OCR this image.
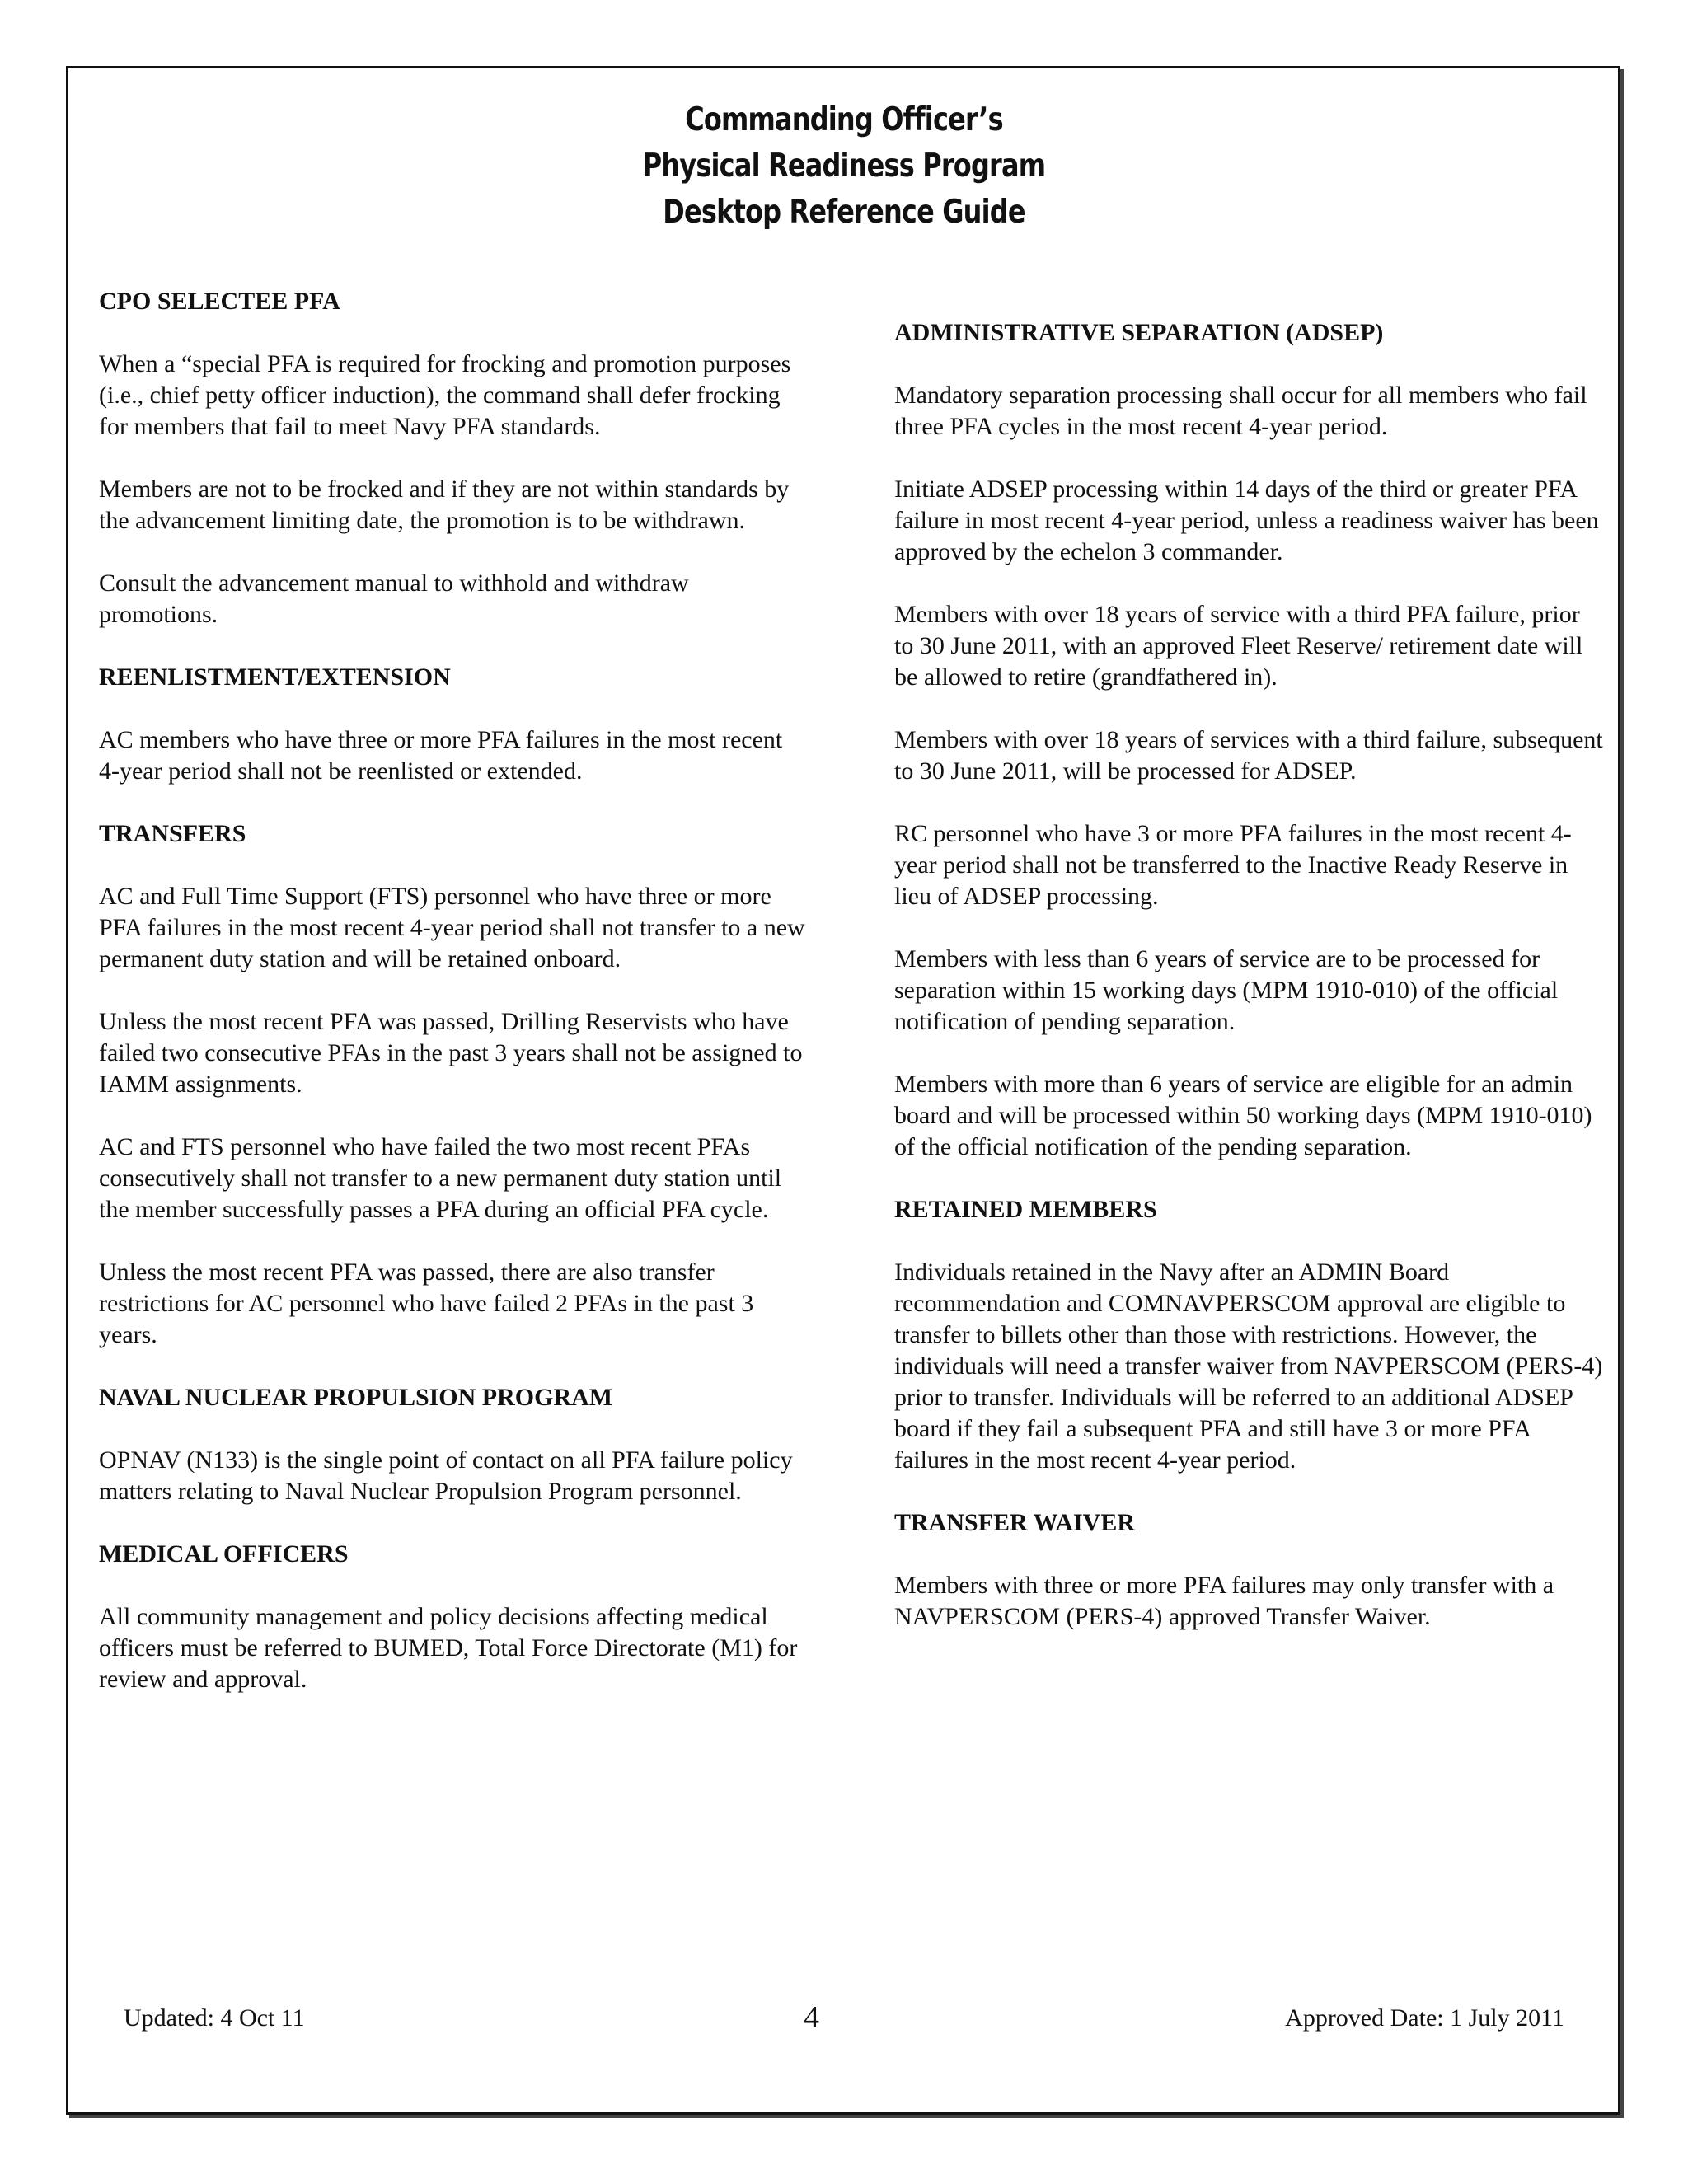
Commanding Officer’s
Physical Readiness Program
Desktop Reference Guide
CPO SELECTEE PFA

When a “special PFA is required for frocking and promotion purposes (i.e., chief petty officer induction), the command shall defer frocking for members that fail to meet Navy PFA standards.

Members are not to be frocked and if they are not within standards by the advancement limiting date, the promotion is to be withdrawn.

Consult the advancement manual to withhold and withdraw promotions.

REENLISTMENT/EXTENSION

AC members who have three or more PFA failures in the most recent 4-year period shall not be reenlisted or extended.

TRANSFERS

AC and Full Time Support (FTS) personnel who have three or more PFA failures in the most recent 4-year period shall not transfer to a new permanent duty station and will be retained onboard.

Unless the most recent PFA was passed, Drilling Reservists who have failed two consecutive PFAs in the past 3 years shall not be assigned to IAMM assignments.

AC and FTS personnel who have failed the two most recent PFAs consecutively shall not transfer to a new permanent duty station until the member successfully passes a PFA during an official PFA cycle.

Unless the most recent PFA was passed, there are also transfer restrictions for AC personnel who have failed 2 PFAs in the past 3 years.

NAVAL NUCLEAR PROPULSION PROGRAM

OPNAV (N133) is the single point of contact on all PFA failure policy matters relating to Naval Nuclear Propulsion Program personnel.

MEDICAL OFFICERS

All community management and policy decisions affecting medical officers must be referred to BUMED, Total Force Directorate (M1) for review and approval.

ADMINISTRATIVE SEPARATION (ADSEP)

Mandatory separation processing shall occur for all members who fail three PFA cycles in the most recent 4-year period.

Initiate ADSEP processing within 14 days of the third or greater PFA failure in most recent 4-year period, unless a readiness waiver has been approved by the echelon 3 commander.

Members with over 18 years of service with a third PFA failure, prior to 30 June 2011, with an approved Fleet Reserve/ retirement date will be allowed to retire (grandfathered in).

Members with over 18 years of services with a third failure, subsequent to 30 June 2011, will be processed for ADSEP.

RC personnel who have 3 or more PFA failures in the most recent 4-year period shall not be transferred to the Inactive Ready Reserve in lieu of ADSEP processing.

Members with less than 6 years of service are to be processed for separation within 15 working days (MPM 1910-010) of the official notification of pending separation.

Members with more than 6 years of service are eligible for an admin board and will be processed within 50 working days (MPM 1910-010) of the official notification of the pending separation.

RETAINED MEMBERS

Individuals retained in the Navy after an ADMIN Board recommendation and COMNAVPERSCOM approval are eligible to transfer to billets other than those with restrictions. However, the individuals will need a transfer waiver from NAVPERSCOM (PERS-4) prior to transfer. Individuals will be referred to an additional ADSEP board if they fail a subsequent PFA and still have 3 or more PFA failures in the most recent 4-year period.

TRANSFER WAIVER

Members with three or more PFA failures may only transfer with a NAVPERSCOM (PERS-4) approved Transfer Waiver.

Updated: 4 Oct 11	4	Approved Date: 1 July 2011
